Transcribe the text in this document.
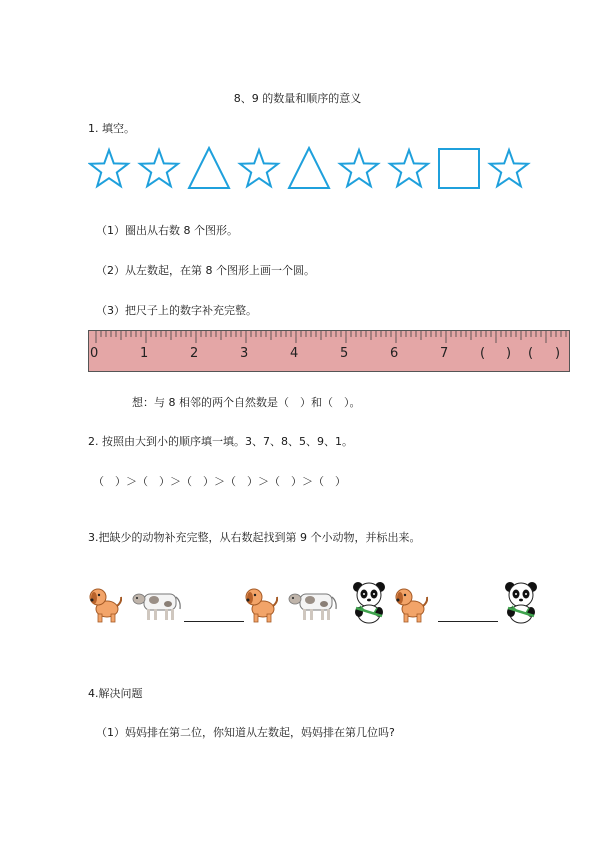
8、9 的数量和顺序的意义
1. 填空。
（1）圈出从右数 8 个图形。
（2）从左数起，在第 8 个图形上画一个圆。
（3）把尺子上的数字补充完整。
0	1	2	3	4	5	6	7 ( ) ( )
想：与 8 相邻的两个自然数是（　）和（　）。
2. 按照由大到小的顺序填一填。3、7、8、5、9、1。
（　）＞（　）＞（　）＞（　）＞（　）＞（　）
3.把缺少的动物补充完整，从右数起找到第 9 个小动物，并标出来。
4.解决问题
（1）妈妈排在第二位，你知道从左数起，妈妈排在第几位吗?
